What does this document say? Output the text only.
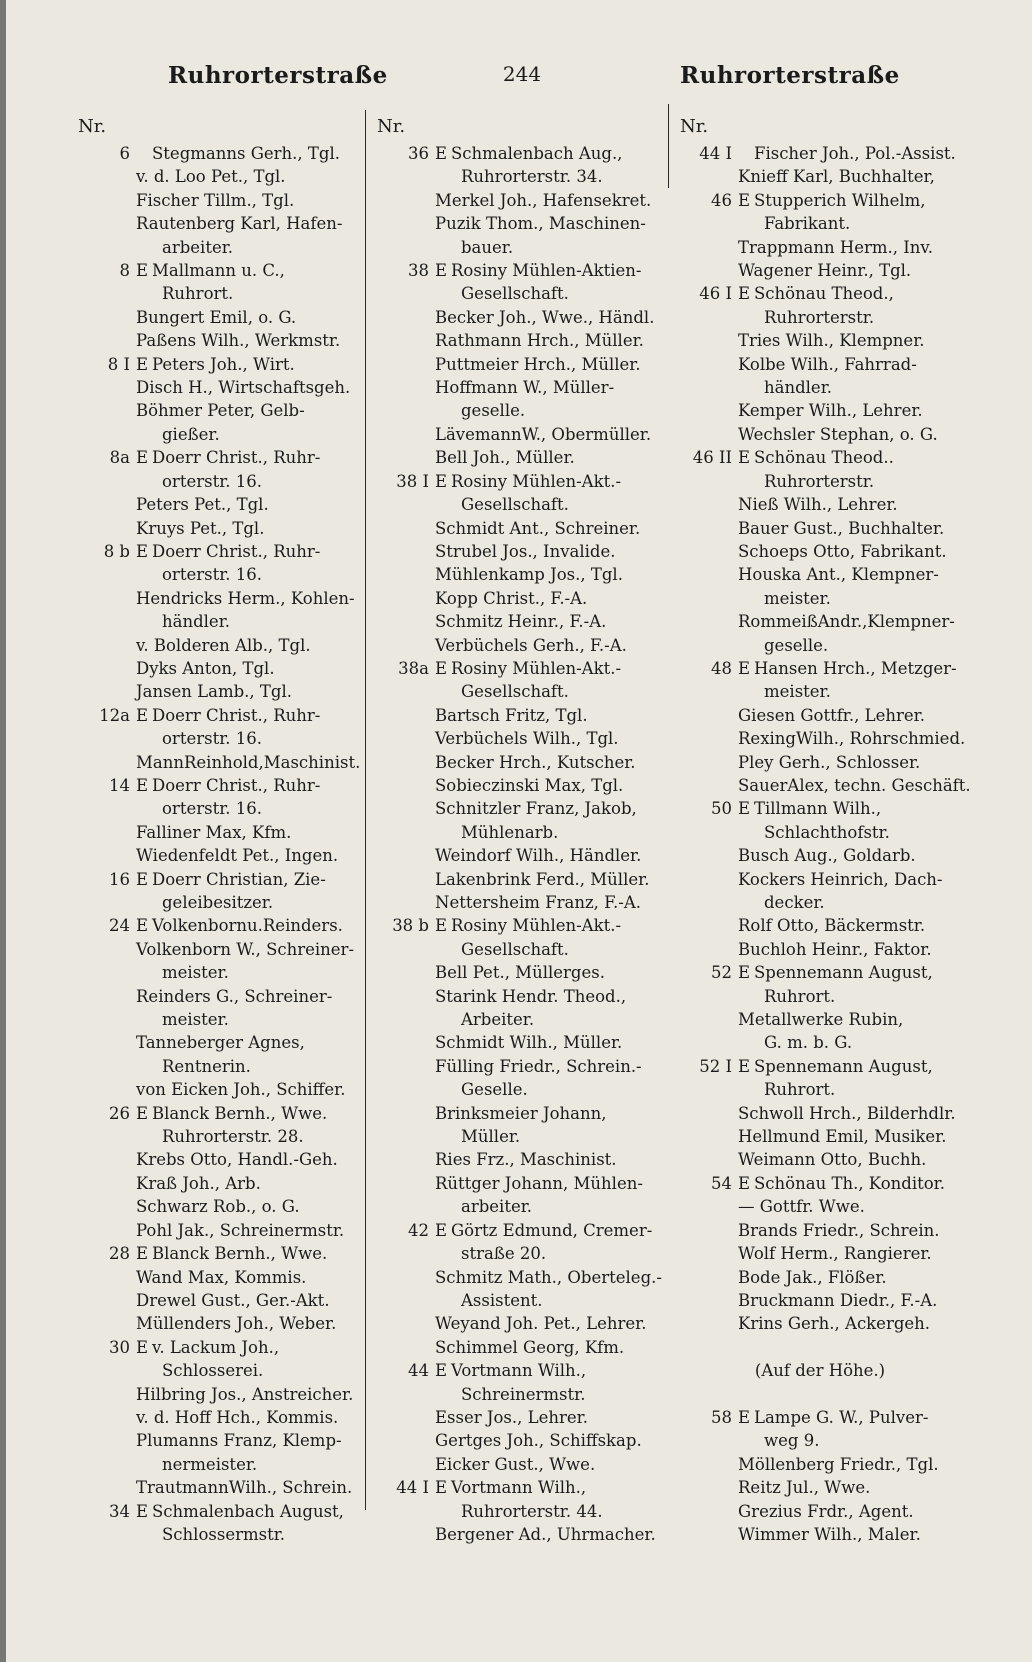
Ruhrorterstraße	244	Ruhrorterstraße
Nr.
6 Stegmanns Gerh., Tgl.
v. d. Loo Pet., Tgl.
Fischer Tillm., Tgl.
Rautenberg Karl, Hafen-
arbeiter.
8 E Mallmann u. C.,
Ruhrort.
Bungert Emil, o. G.
Paßens Wilh., Werkmstr.
8 I E Peters Joh., Wirt.
Disch H., Wirtschaftsgeh.
Böhmer Peter, Gelb-
gießer.
8a E Doerr Christ., Ruhr-
orterstr. 16.
Peters Pet., Tgl.
Kruys Pet., Tgl.
8 b E Doerr Christ., Ruhr-
orterstr. 16.
Hendricks Herm., Kohlen-
händler.
v. Bolderen Alb., Tgl.
Dyks Anton, Tgl.
Jansen Lamb., Tgl.
12a E Doerr Christ., Ruhr-
orterstr. 16.
MannReinhold,Maschinist.
14 E Doerr Christ., Ruhr-
orterstr. 16.
Falliner Max, Kfm.
Wiedenfeldt Pet., Ingen.
16 E Doerr Christian, Zie-
geleibesitzer.
24 E Volkenbornu.Reinders.
Volkenborn W., Schreiner-
meister.
Reinders G., Schreiner-
meister.
Tanneberger Agnes,
Rentnerin.
von Eicken Joh., Schiffer.
26 E Blanck Bernh., Wwe.
Ruhrorterstr. 28.
Krebs Otto, Handl.-Geh.
Kraß Joh., Arb.
Schwarz Rob., o. G.
Pohl Jak., Schreinermstr.
28 E Blanck Bernh., Wwe.
Wand Max, Kommis.
Drewel Gust., Ger.-Akt.
Müllenders Joh., Weber.
30 E v. Lackum Joh.,
Schlosserei.
Hilbring Jos., Anstreicher.
v. d. Hoff Hch., Kommis.
Plumanns Franz, Klemp-
nermeister.
TrautmannWilh., Schrein.
34 E Schmalenbach August,
Schlossermstr.
Nr.
36 E Schmalenbach Aug.,
Ruhrorterstr. 34.
Merkel Joh., Hafensekret.
Puzik Thom., Maschinen-
bauer.
38 E Rosiny Mühlen-Aktien-
Gesellschaft.
Becker Joh., Wwe., Händl.
Rathmann Hrch., Müller.
Puttmeier Hrch., Müller.
Hoffmann W., Müller-
geselle.
LävemannW., Obermüller.
Bell Joh., Müller.
38 I E Rosiny Mühlen-Akt.-
Gesellschaft.
Schmidt Ant., Schreiner.
Strubel Jos., Invalide.
Mühlenkamp Jos., Tgl.
Kopp Christ., F.-A.
Schmitz Heinr., F.-A.
Verbüchels Gerh., F.-A.
38a E Rosiny Mühlen-Akt.-
Gesellschaft.
Bartsch Fritz, Tgl.
Verbüchels Wilh., Tgl.
Becker Hrch., Kutscher.
Sobieczinski Max, Tgl.
Schnitzler Franz, Jakob,
Mühlenarb.
Weindorf Wilh., Händler.
Lakenbrink Ferd., Müller.
Nettersheim Franz, F.-A.
38 b E Rosiny Mühlen-Akt.-
Gesellschaft.
Bell Pet., Müllerges.
Starink Hendr. Theod.,
Arbeiter.
Schmidt Wilh., Müller.
Fülling Friedr., Schrein.-
Geselle.
Brinksmeier Johann,
Müller.
Ries Frz., Maschinist.
Rüttger Johann, Mühlen-
arbeiter.
42 E Görtz Edmund, Cremer-
straße 20.
Schmitz Math., Oberteleg.-
Assistent.
Weyand Joh. Pet., Lehrer.
Schimmel Georg, Kfm.
44 E Vortmann Wilh.,
Schreinermstr.
Esser Jos., Lehrer.
Gertges Joh., Schiffskap.
Eicker Gust., Wwe.
44 I E Vortmann Wilh.,
Ruhrorterstr. 44.
Bergener Ad., Uhrmacher.
Nr.
44 I Fischer Joh., Pol.-Assist.
Knieff Karl, Buchhalter,
46 E Stupperich Wilhelm,
Fabrikant.
Trappmann Herm., Inv.
Wagener Heinr., Tgl.
46 I E Schönau Theod.,
Ruhrorterstr.
Tries Wilh., Klempner.
Kolbe Wilh., Fahrrad-
händler.
Kemper Wilh., Lehrer.
Wechsler Stephan, o. G.
46 II E Schönau Theod..
Ruhrorterstr.
Nieß Wilh., Lehrer.
Bauer Gust., Buchhalter.
Schoeps Otto, Fabrikant.
Houska Ant., Klempner-
meister.
RommeißAndr.,Klempner-
geselle.
48 E Hansen Hrch., Metzger-
meister.
Giesen Gottfr., Lehrer.
RexingWilh., Rohrschmied.
Pley Gerh., Schlosser.
SauerAlex, techn. Geschäft.
50 E Tillmann Wilh.,
Schlachthofstr.
Busch Aug., Goldarb.
Kockers Heinrich, Dach-
decker.
Rolf Otto, Bäckermstr.
Buchloh Heinr., Faktor.
52 E Spennemann August,
Ruhrort.
Metallwerke Rubin,
G. m. b. G.
52 I E Spennemann August,
Ruhrort.
Schwoll Hrch., Bilderhdlr.
Hellmund Emil, Musiker.
Weimann Otto, Buchh.
54 E Schönau Th., Konditor.
— Gottfr. Wwe.
Brands Friedr., Schrein.
Wolf Herm., Rangierer.
Bode Jak., Flößer.
Bruckmann Diedr., F.-A.
Krins Gerh., Ackergeh.
(Auf der Höhe.)
58 E Lampe G. W., Pulver-
weg 9.
Möllenberg Friedr., Tgl.
Reitz Jul., Wwe.
Grezius Frdr., Agent.
Wimmer Wilh., Maler.
